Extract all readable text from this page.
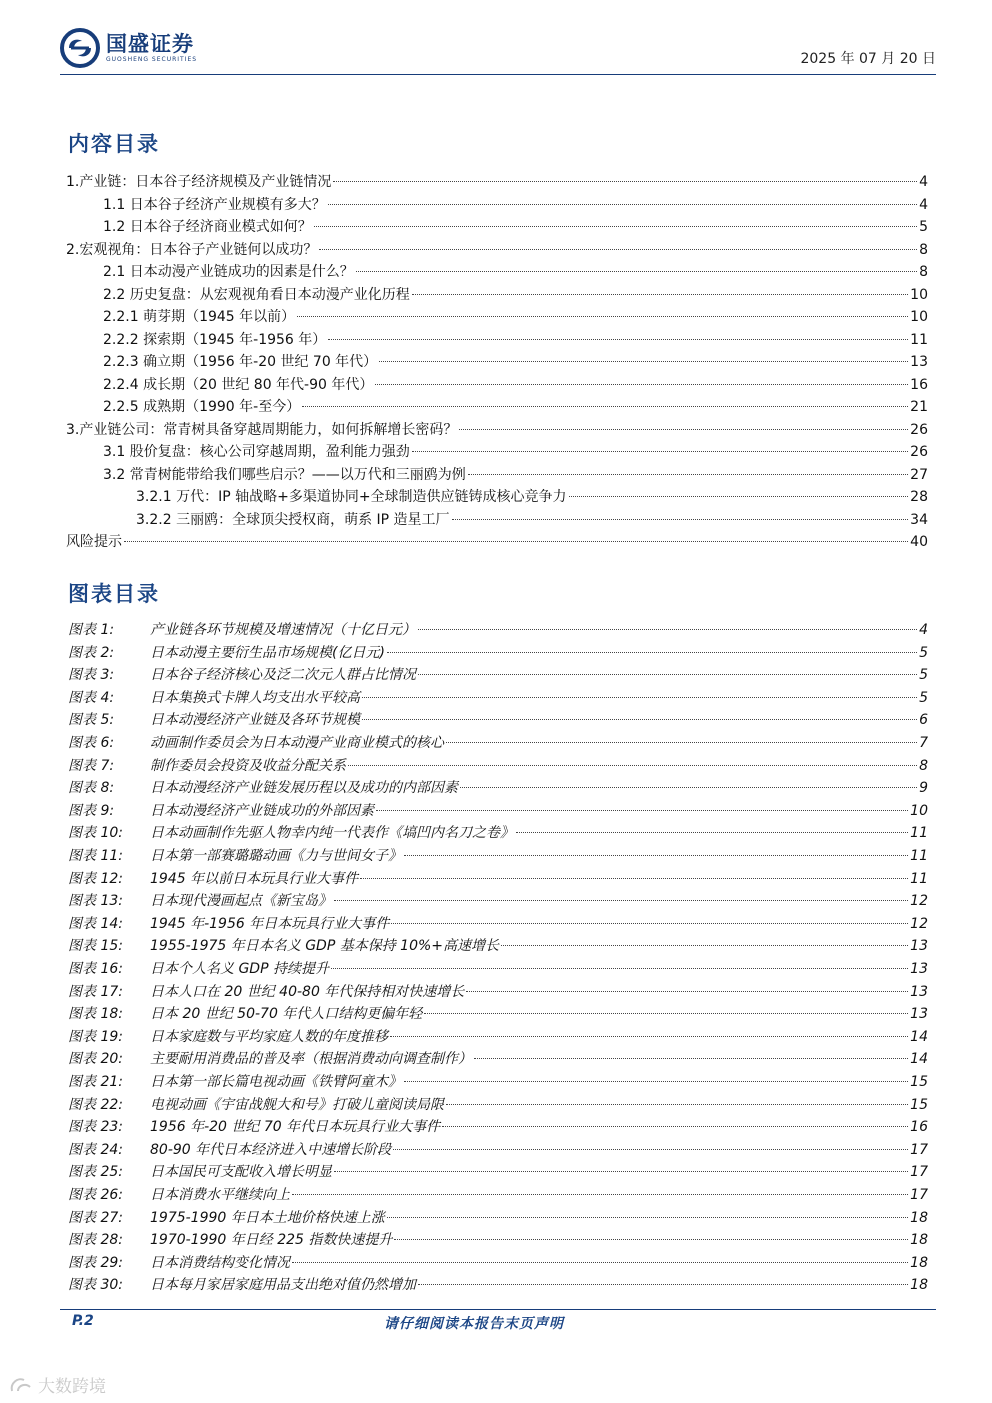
国盛证券
GUOSHENG SECURITIES	2025 年 07 月 20 日
内容目录
1.产业链：日本谷子经济规模及产业链情况	4
1.1 日本谷子经济产业规模有多大？	4
1.2 日本谷子经济商业模式如何？	5
2.宏观视角：日本谷子产业链何以成功？	8
2.1 日本动漫产业链成功的因素是什么？	8
2.2 历史复盘：从宏观视角看日本动漫产业化历程	10
2.2.1 萌芽期（1945 年以前）	10
2.2.2 探索期（1945 年-1956 年）	11
2.2.3 确立期（1956 年-20 世纪 70 年代）	13
2.2.4 成长期（20 世纪 80 年代-90 年代）	16
2.2.5 成熟期（1990 年-至今）	21
3.产业链公司：常青树具备穿越周期能力，如何拆解增长密码？	26
3.1 股价复盘：核心公司穿越周期，盈利能力强劲	26
3.2 常青树能带给我们哪些启示？——以万代和三丽鸥为例	27
3.2.1 万代：IP 轴战略+多渠道协同+全球制造供应链铸成核心竞争力	28
3.2.2 三丽鸥：全球顶尖授权商，萌系 IP 造星工厂	34
风险提示	40
图表目录
图表 1:	产业链各环节规模及增速情况（十亿日元）	4
图表 2:	日本动漫主要衍生品市场规模(亿日元)	5
图表 3:	日本谷子经济核心及泛二次元人群占比情况	5
图表 4:	日本集换式卡牌人均支出水平较高	5
图表 5:	日本动漫经济产业链及各环节规模	6
图表 6:	动画制作委员会为日本动漫产业商业模式的核心	7
图表 7:	制作委员会投资及收益分配关系	8
图表 8:	日本动漫经济产业链发展历程以及成功的内部因素	9
图表 9:	日本动漫经济产业链成功的外部因素	10
图表 10:	日本动画制作先驱人物幸内纯一代表作《塙凹内名刀之卷》	11
图表 11:	日本第一部赛璐璐动画《力与世间女子》	11
图表 12:	1945 年以前日本玩具行业大事件	11
图表 13:	日本现代漫画起点《新宝岛》	12
图表 14:	1945 年-1956 年日本玩具行业大事件	12
图表 15:	1955-1975 年日本名义 GDP 基本保持 10%+高速增长	13
图表 16:	日本个人名义 GDP 持续提升	13
图表 17:	日本人口在 20 世纪 40-80 年代保持相对快速增长	13
图表 18:	日本 20 世纪 50-70 年代人口结构更偏年轻	13
图表 19:	日本家庭数与平均家庭人数的年度推移	14
图表 20:	主要耐用消费品的普及率（根据消费动向调查制作）	14
图表 21:	日本第一部长篇电视动画《铁臂阿童木》	15
图表 22:	电视动画《宇宙战舰大和号》打破儿童阅读局限	15
图表 23:	1956 年-20 世纪 70 年代日本玩具行业大事件	16
图表 24:	80-90 年代日本经济进入中速增长阶段	17
图表 25:	日本国民可支配收入增长明显	17
图表 26:	日本消费水平继续向上	17
图表 27:	1975-1990 年日本土地价格快速上涨	18
图表 28:	1970-1990 年日经 225 指数快速提升	18
图表 29:	日本消费结构变化情况	18
图表 30:	日本每月家居家庭用品支出绝对值仍然增加	18
P.2	请仔细阅读本报告末页声明
大数跨境
